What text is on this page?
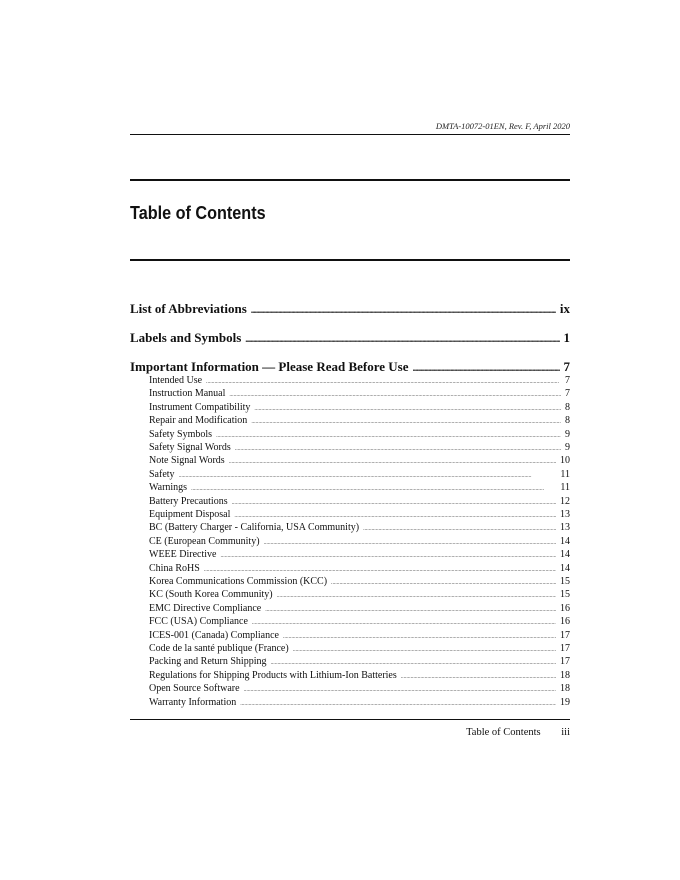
DMTA-10072-01EN, Rev. F, April 2020
Table of Contents
List of Abbreviations . . .	ix
Labels and Symbols . . .	1
Important Information — Please Read Before Use . . .	7
Intended Use . . .	7
Instruction Manual . . .	7
Instrument Compatibility . . .	8
Repair and Modification . . .	8
Safety Symbols . . .	9
Safety Signal Words . . .	9
Note Signal Words . . .	10
Safety . . .	11
Warnings . . .	11
Battery Precautions . . .	12
Equipment Disposal . . .	13
BC (Battery Charger - California, USA Community) . . .	13
CE (European Community) . . .	14
WEEE Directive . . .	14
China RoHS . . .	14
Korea Communications Commission (KCC) . . .	15
KC (South Korea Community) . . .	15
EMC Directive Compliance . . .	16
FCC (USA) Compliance . . .	16
ICES-001 (Canada) Compliance . . .	17
Code de la santé publique (France) . . .	17
Packing and Return Shipping . . .	17
Regulations for Shipping Products with Lithium-Ion Batteries . . .	18
Open Source Software . . .	18
Warranty Information . . .	19
Table of Contents iii
